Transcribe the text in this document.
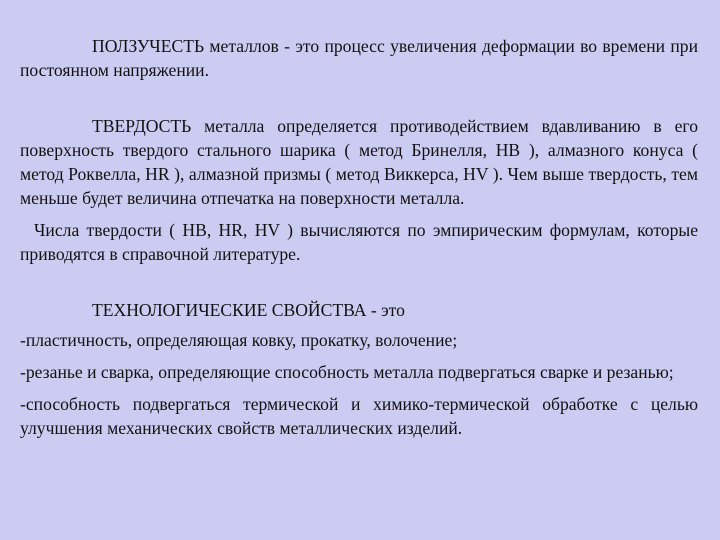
ПОЛЗУЧЕСТЬ металлов - это процесс увеличения деформации во времени при постоянном напряжении.

ТВЕРДОСТЬ металла определяется противодействием вдавливанию в его поверхность твердого стального шарика ( метод Бринелля, HB ), алмазного конуса ( метод Роквелла, HR ), алмазной призмы ( метод Виккерса, HV ). Чем выше твердость, тем меньше будет величина отпечатка на поверхности металла.

Числа твердости ( HB, HR, HV ) вычисляются по эмпирическим формулам, которые приводятся в справочной литературе.

ТЕХНОЛОГИЧЕСКИЕ СВОЙСТВА - это

-пластичность, определяющая ковку, прокатку, волочение;

-резанье и сварка, определяющие способность металла подвергаться сварке и резанью;

-способность подвергаться термической и химико-термической обработке с целью улучшения механических свойств металлических изделий.
